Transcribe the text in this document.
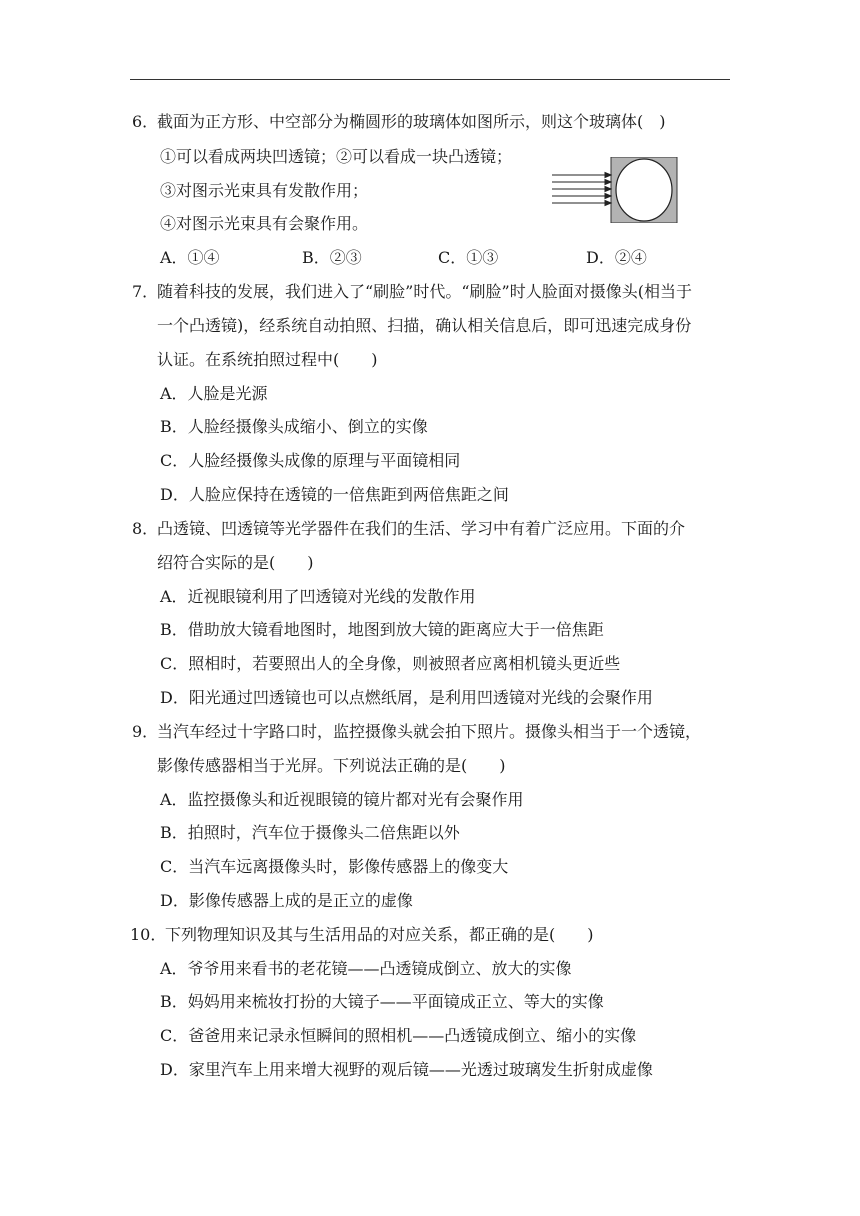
6．
截面为正方形、中空部分为椭圆形的玻璃体如图所示，则这个玻璃体(　)
①可以看成两块凹透镜；②可以看成一块凸透镜；
③对图示光束具有发散作用；
④对图示光束具有会聚作用。
A．①④	B．②③	C．①③	D．②④
7．
随着科技的发展，我们进入了“刷脸”时代。“刷脸”时人脸面对摄像头(相当于
一个凸透镜)，经系统自动拍照、扫描，确认相关信息后，即可迅速完成身份
认证。在系统拍照过程中(　　)
A．人脸是光源
B．人脸经摄像头成缩小、倒立的实像
C．人脸经摄像头成像的原理与平面镜相同
D．人脸应保持在透镜的一倍焦距到两倍焦距之间
8．
凸透镜、凹透镜等光学器件在我们的生活、学习中有着广泛应用。下面的介
绍符合实际的是(　　)
A．近视眼镜利用了凹透镜对光线的发散作用
B．借助放大镜看地图时，地图到放大镜的距离应大于一倍焦距
C．照相时，若要照出人的全身像，则被照者应离相机镜头更近些
D．阳光通过凹透镜也可以点燃纸屑，是利用凹透镜对光线的会聚作用
9．
当汽车经过十字路口时，监控摄像头就会拍下照片。摄像头相当于一个透镜，
影像传感器相当于光屏。下列说法正确的是(　　)
A．监控摄像头和近视眼镜的镜片都对光有会聚作用
B．拍照时，汽车位于摄像头二倍焦距以外
C．当汽车远离摄像头时，影像传感器上的像变大
D．影像传感器上成的是正立的虚像
10．
下列物理知识及其与生活用品的对应关系，都正确的是(　　)
A．爷爷用来看书的老花镜——凸透镜成倒立、放大的实像
B．妈妈用来梳妆打扮的大镜子——平面镜成正立、等大的实像
C．爸爸用来记录永恒瞬间的照相机——凸透镜成倒立、缩小的实像
D．家里汽车上用来增大视野的观后镜——光透过玻璃发生折射成虚像
